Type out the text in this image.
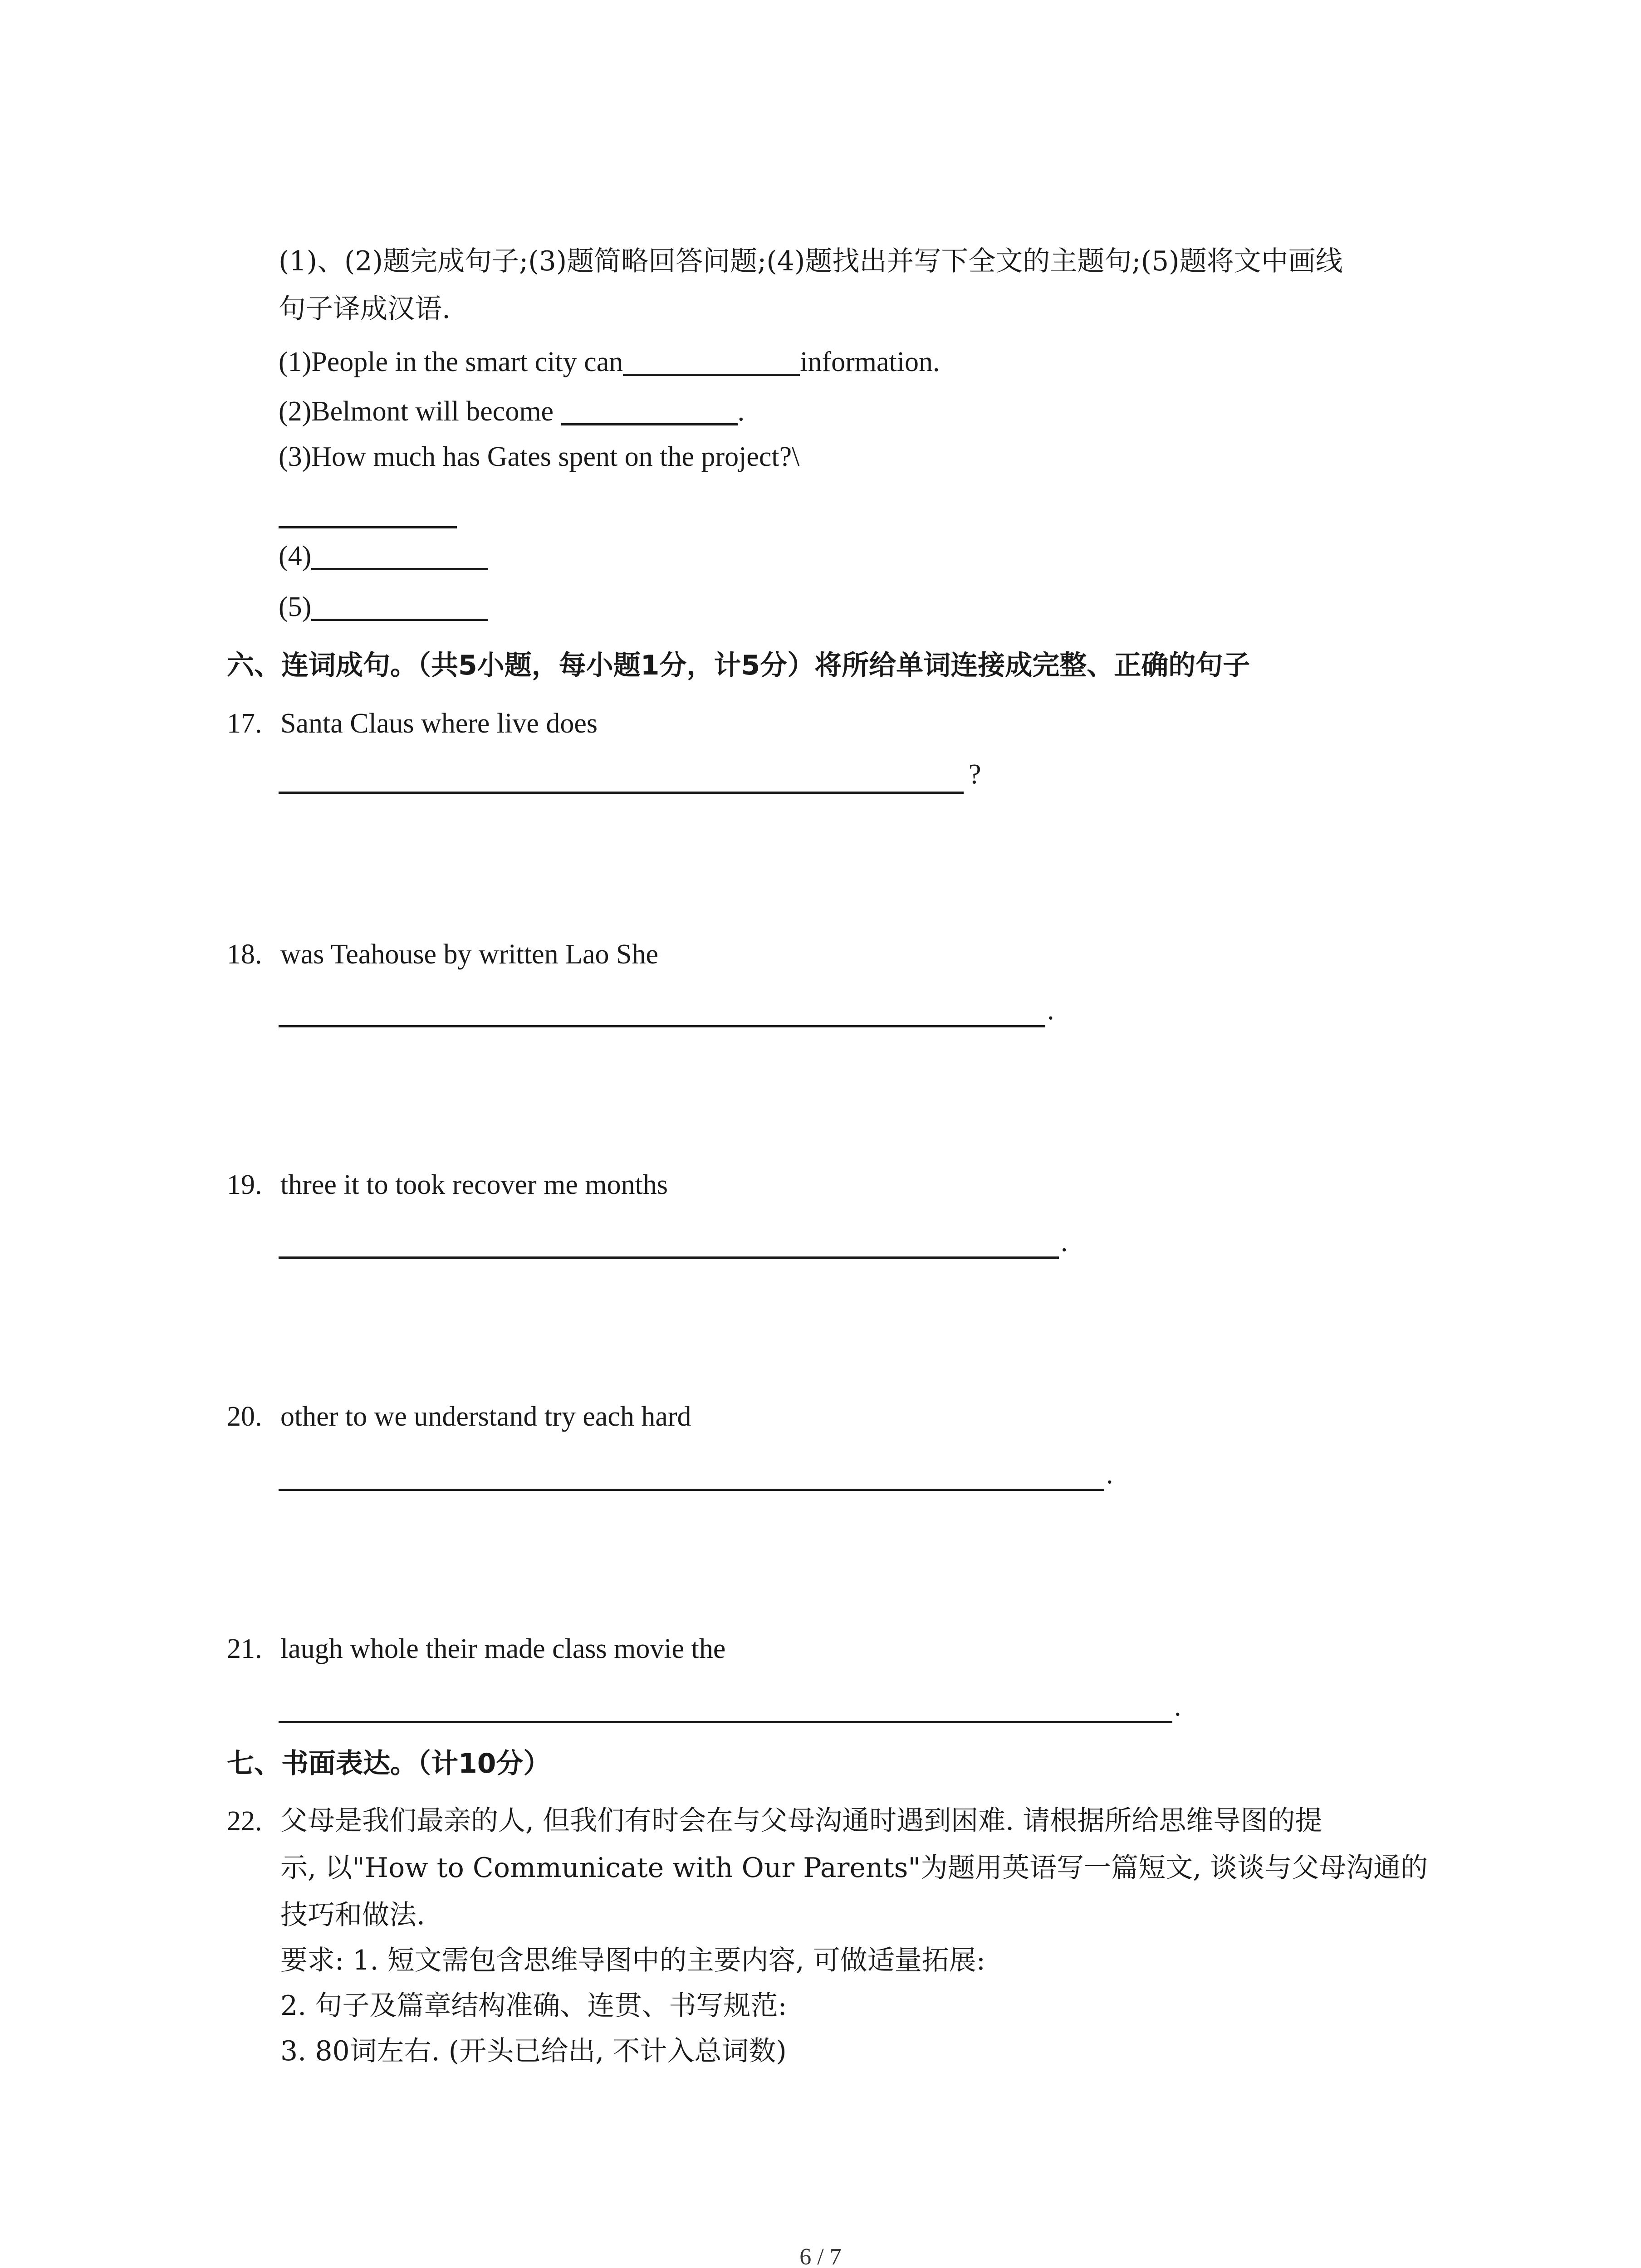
(1)、(2)题完成句子;(3)题简略回答问题;(4)题找出并写下全文的主题句;(5)题将文中画线
句子译成汉语.
(1)People in the smart city can	information.
(2)Belmont will become	.
(3)How much has Gates spent on the project?\
(4)
(5)
六、连词成句。（共5小题，每小题1分，计5分）将所给单词连接成完整、正确的句子
17. Santa Claus where live does
?
18. was Teahouse by written Lao She
.
19. three it to took recover me months
.
20. other to we understand try each hard
.
21. laugh whole their made class movie the
.
七、书面表达。（计10分）
22. 父母是我们最亲的人, 但我们有时会在与父母沟通时遇到困难. 请根据所给思维导图的提
示, 以"How to Communicate with Our Parents"为题用英语写一篇短文, 谈谈与父母沟通的
技巧和做法.
要求: 1. 短文需包含思维导图中的主要内容, 可做适量拓展:
2. 句子及篇章结构准确、连贯、书写规范:
3. 80词左右. (开头已给出, 不计入总词数)
6 / 7
